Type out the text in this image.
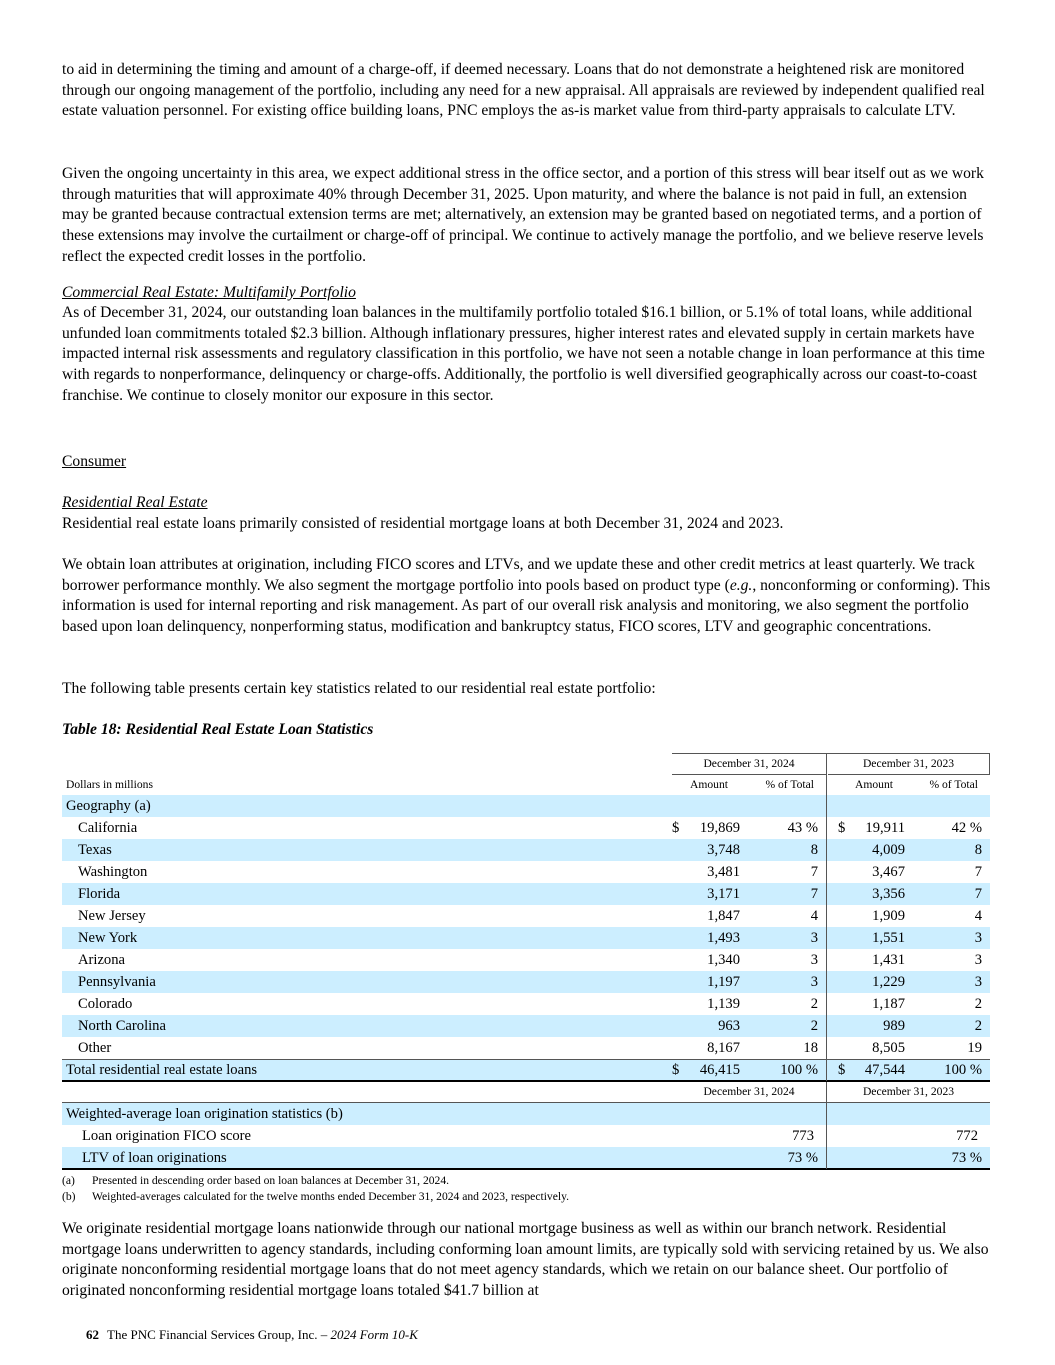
to aid in determining the timing and amount of a charge-off, if deemed necessary. Loans that do not demonstrate a heightened risk are monitored through our ongoing management of the portfolio, including any need for a new appraisal. All appraisals are reviewed by independent qualified real estate valuation personnel. For existing office building loans, PNC employs the as-is market value from third-party appraisals to calculate LTV.

Given the ongoing uncertainty in this area, we expect additional stress in the office sector, and a portion of this stress will bear itself out as we work through maturities that will approximate 40% through December 31, 2025. Upon maturity, and where the balance is not paid in full, an extension may be granted because contractual extension terms are met; alternatively, an extension may be granted based on negotiated terms, and a portion of these extensions may involve the curtailment or charge-off of principal. We continue to actively manage the portfolio, and we believe reserve levels reflect the expected credit losses in the portfolio.

Commercial Real Estate: Multifamily Portfolio

As of December 31, 2024, our outstanding loan balances in the multifamily portfolio totaled $16.1 billion, or 5.1% of total loans, while additional unfunded loan commitments totaled $2.3 billion. Although inflationary pressures, higher interest rates and elevated supply in certain markets have impacted internal risk assessments and regulatory classification in this portfolio, we have not seen a notable change in loan performance at this time with regards to nonperformance, delinquency or charge-offs. Additionally, the portfolio is well diversified geographically across our coast-to-coast franchise. We continue to closely monitor our exposure in this sector.

Consumer
Residential Real Estate

Residential real estate loans primarily consisted of residential mortgage loans at both December 31, 2024 and 2023.

We obtain loan attributes at origination, including FICO scores and LTVs, and we update these and other credit metrics at least quarterly. We track borrower performance monthly. We also segment the mortgage portfolio into pools based on product type (e.g., nonconforming or conforming). This information is used for internal reporting and risk management. As part of our overall risk analysis and monitoring, we also segment the portfolio based upon loan delinquency, nonperforming status, modification and bankruptcy status, FICO scores, LTV and geographic concentrations.

The following table presents certain key statistics related to our residential real estate portfolio:

Table 18: Residential Real Estate Loan Statistics
December 31, 2024	December 31, 2023
Dollars in millions	Amount	% of Total	Amount	% of Total
Geography (a)
California	$ 19,869	43 % $ 19,911	42 %
Texas	3,748	8	4,009	8
Washington	3,481	7	3,467	7
Florida	3,171	7	3,356	7
New Jersey	1,847	4	1,909	4
New York	1,493	3	1,551	3
Arizona	1,340	3	1,431	3
Pennsylvania	1,197	3	1,229	3
Colorado	1,139	2	1,187	2
North Carolina	963	2	989	2
Other	8,167	18	8,505	19
Total residential real estate loans	$ 46,415	100 % $ 47,544	100 %
December 31, 2024	December 31, 2023
Weighted-average loan origination statistics (b)
Loan origination FICO score	773	772
LTV of loan originations	73 %	73 %
(a) Presented in descending order based on loan balances at December 31, 2024.
(b) Weighted-averages calculated for the twelve months ended December 31, 2024 and 2023, respectively.

We originate residential mortgage loans nationwide through our national mortgage business as well as within our branch network. Residential mortgage loans underwritten to agency standards, including conforming loan amount limits, are typically sold with servicing retained by us. We also originate nonconforming residential mortgage loans that do not meet agency standards, which we retain on our balance sheet. Our portfolio of originated nonconforming residential mortgage loans totaled $41.7 billion at

62 The PNC Financial Services Group, Inc. – 2024 Form 10-K
